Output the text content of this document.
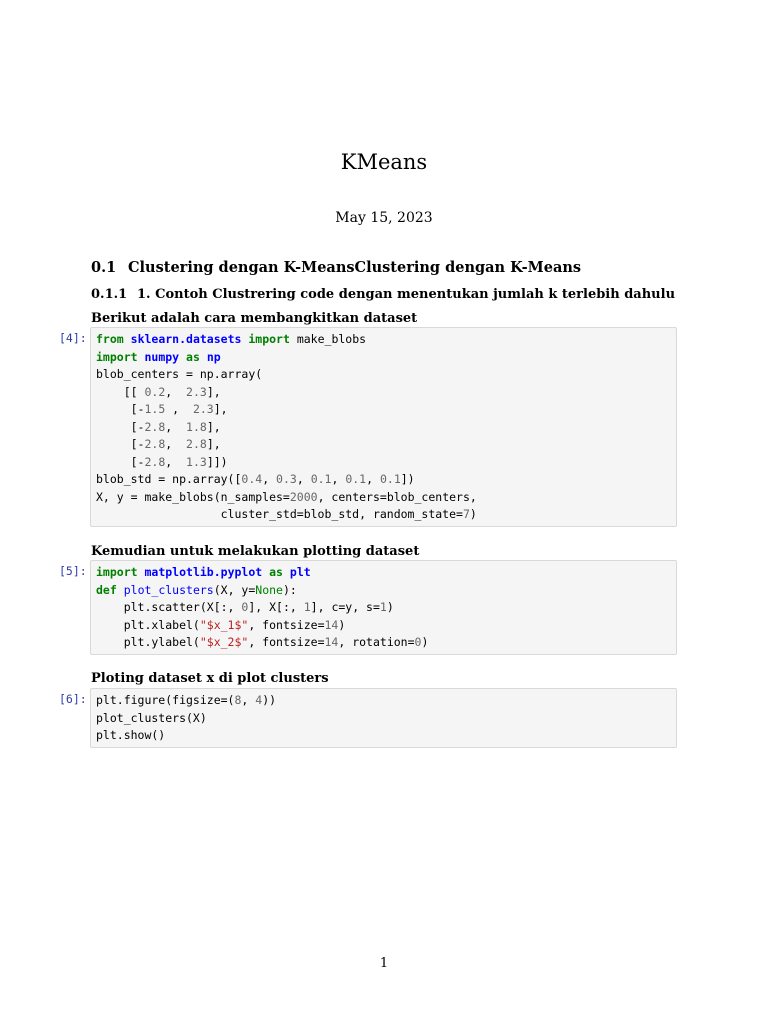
KMeans
May 15, 2023
0.1 Clustering dengan K-MeansClustering dengan K-Means
0.1.1 1. Contoh Clustrering code dengan menentukan jumlah k terlebih dahulu
Berikut adalah cara membangkitkan dataset
[4]: from sklearn.datasets import make_blobs
import numpy as np
blob_centers = np.array(
[[ 0.2,  2.3],
[-1.5 ,  2.3],
[-2.8,  1.8],
[-2.8,  2.8],
[-2.8,  1.3]])
blob_std = np.array([0.4, 0.3, 0.1, 0.1, 0.1])
X, y = make_blobs(n_samples=2000, centers=blob_centers,
cluster_std=blob_std, random_state=7)
Kemudian untuk melakukan plotting dataset
[5]: import matplotlib.pyplot as plt
def plot_clusters(X, y=None):
plt.scatter(X[:, 0], X[:, 1], c=y, s=1)
plt.xlabel("$x_1$", fontsize=14)
plt.ylabel("$x_2$", fontsize=14, rotation=0)
Ploting dataset x di plot clusters
[6]: plt.figure(figsize=(8, 4))
plot_clusters(X)
plt.show()
1
